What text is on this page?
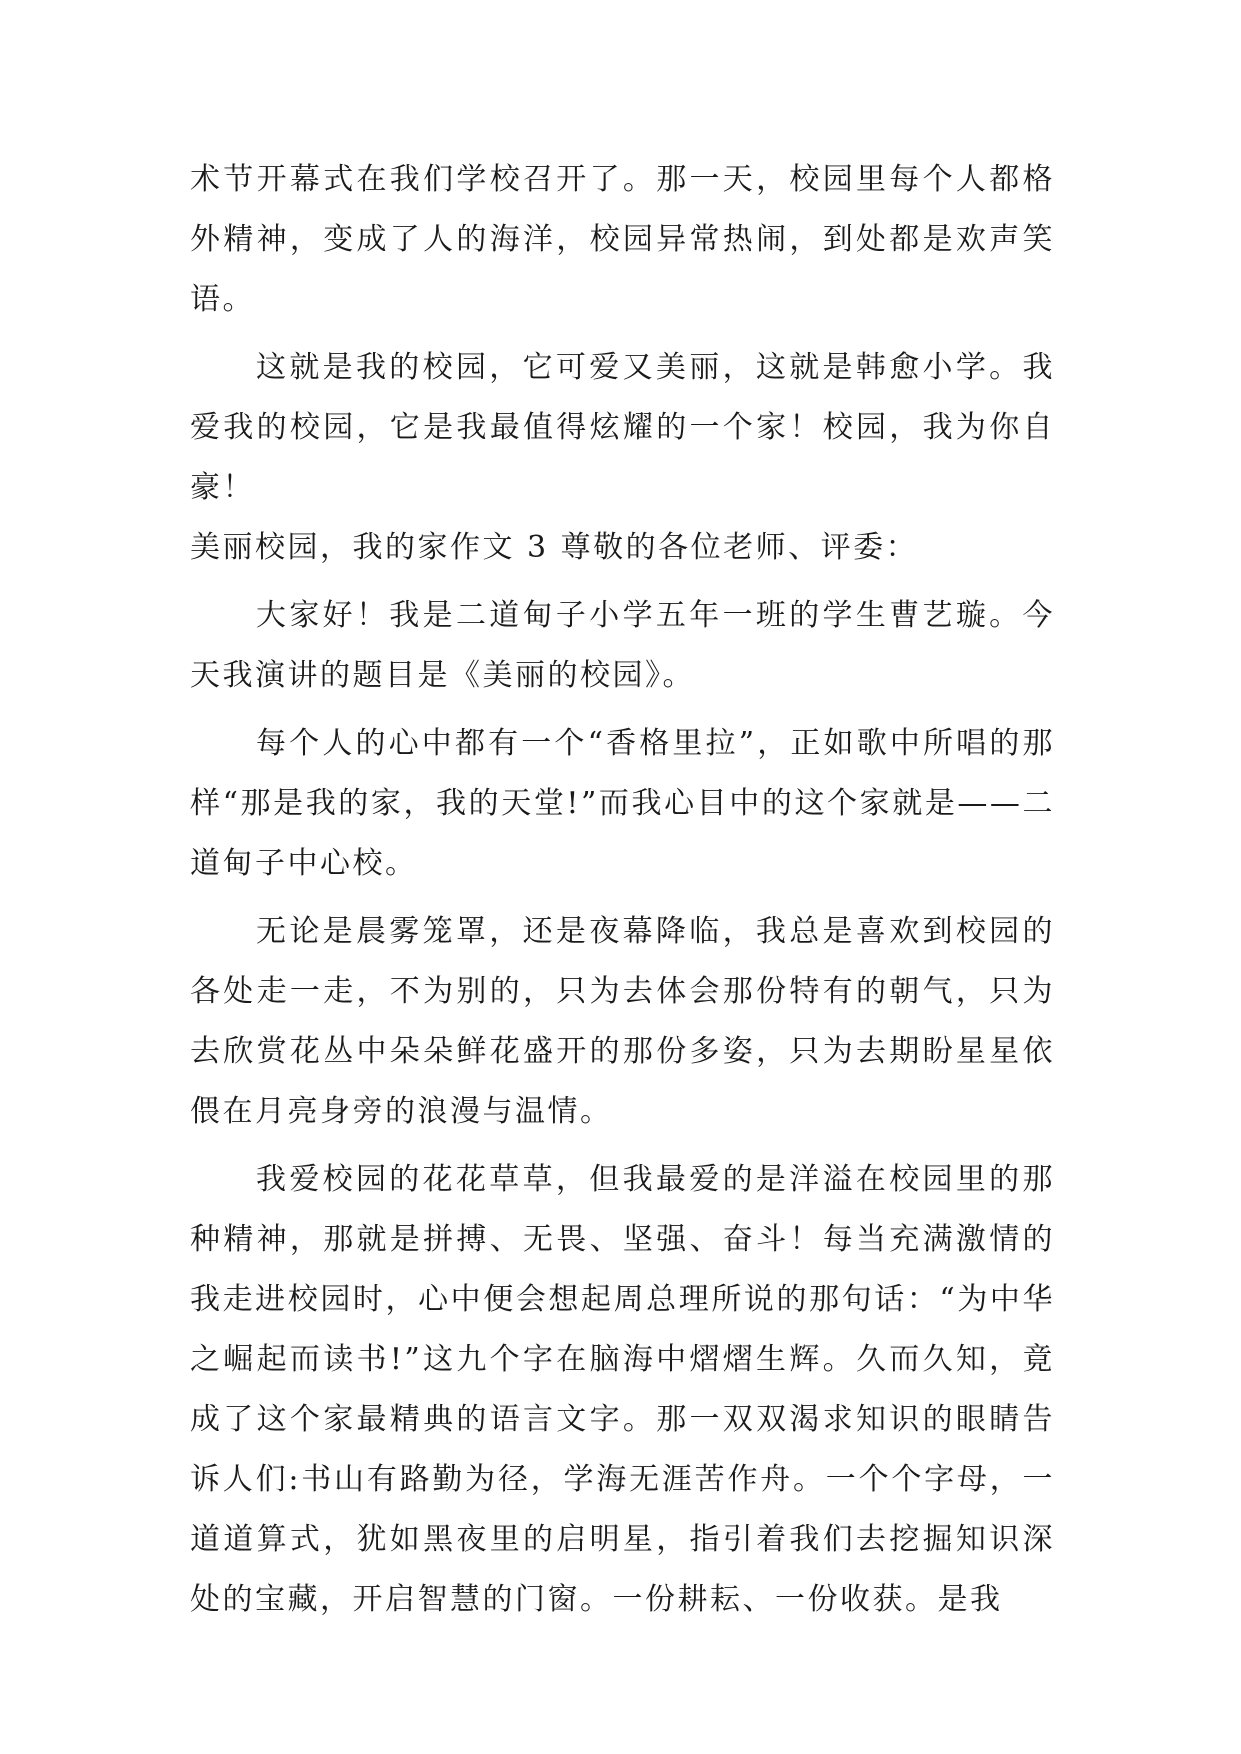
术节开幕式在我们学校召开了。那一天，校园里每个人都格外精神，变成了人的海洋，校园异常热闹，到处都是欢声笑语。

这就是我的校园，它可爱又美丽，这就是韩愈小学。我爱我的校园，它是我最值得炫耀的一个家！校园，我为你自豪！

美丽校园，我的家作文 3 尊敬的各位老师、评委：

大家好！我是二道甸子小学五年一班的学生曹艺璇。今天我演讲的题目是《美丽的校园》。

每个人的心中都有一个“香格里拉”，正如歌中所唱的那样“那是我的家，我的天堂!”而我心目中的这个家就是——二道甸子中心校。

无论是晨雾笼罩，还是夜幕降临，我总是喜欢到校园的各处走一走，不为别的，只为去体会那份特有的朝气，只为去欣赏花丛中朵朵鲜花盛开的那份多姿，只为去期盼星星依偎在月亮身旁的浪漫与温情。

我爱校园的花花草草，但我最爱的是洋溢在校园里的那种精神，那就是拼搏、无畏、坚强、奋斗！每当充满激情的我走进校园时，心中便会想起周总理所说的那句话：“为中华之崛起而读书!”这九个字在脑海中熠熠生辉。久而久知，竟成了这个家最精典的语言文字。那一双双渴求知识的眼睛告诉人们:书山有路勤为径，学海无涯苦作舟。一个个字母，一道道算式，犹如黑夜里的启明星，指引着我们去挖掘知识深处的宝藏，开启智慧的门窗。一份耕耘、一份收获。是我
